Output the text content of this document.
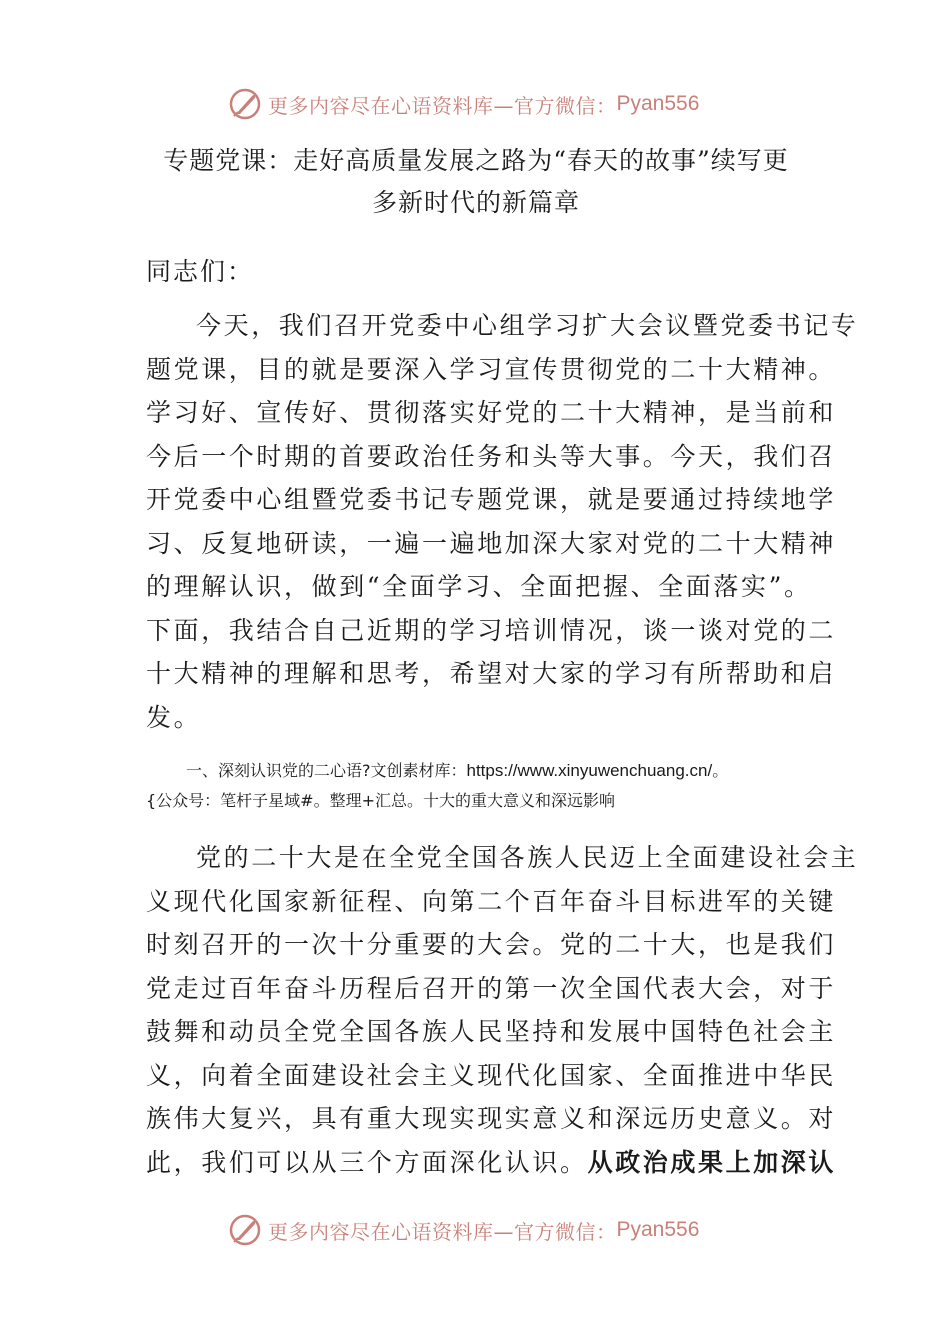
更多内容尽在心语资料库—官方微信： Pyan556
专题党课：走好高质量发展之路为“春天的故事”续写更
多新时代的新篇章
同志们：
今天，我们召开党委中心组学习扩大会议暨党委书记专
题党课，目的就是要深入学习宣传贯彻党的二十大精神。
学习好、宣传好、贯彻落实好党的二十大精神，是当前和
今后一个时期的首要政治任务和头等大事。今天，我们召
开党委中心组暨党委书记专题党课，就是要通过持续地学
习、反复地研读，一遍一遍地加深大家对党的二十大精神
的理解认识，做到“全面学习、全面把握、全面落实”。
下面，我结合自己近期的学习培训情况，谈一谈对党的二
十大精神的理解和思考，希望对大家的学习有所帮助和启
发。
一、深刻认识党的二心语?文创素材库：https://www.xinyuwenchuang.cn/。
{公众号：笔杆子星域#。整理+汇总。十大的重大意义和深远影响
党的二十大是在全党全国各族人民迈上全面建设社会主
义现代化国家新征程、向第二个百年奋斗目标进军的关键
时刻召开的一次十分重要的大会。党的二十大，也是我们
党走过百年奋斗历程后召开的第一次全国代表大会，对于
鼓舞和动员全党全国各族人民坚持和发展中国特色社会主
义，向着全面建设社会主义现代化国家、全面推进中华民
族伟大复兴，具有重大现实现实意义和深远历史意义。对
此，我们可以从三个方面深化认识。从政治成果上加深认
更多内容尽在心语资料库—官方微信： Pyan556
